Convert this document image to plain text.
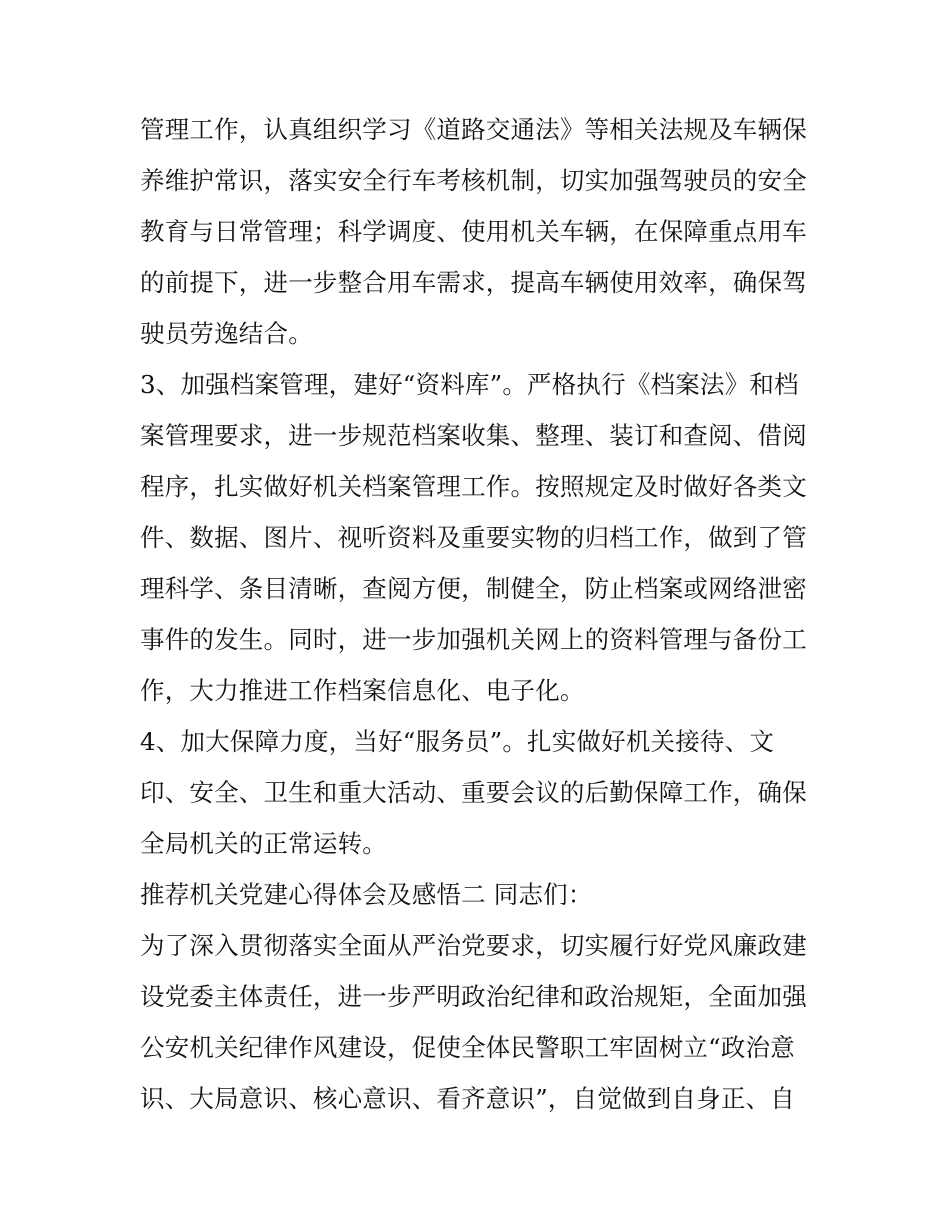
管理工作，认真组织学习《道路交通法》等相关法规及车辆保
养维护常识，落实安全行车考核机制，切实加强驾驶员的安全
教育与日常管理；科学调度、使用机关车辆，在保障重点用车
的前提下，进一步整合用车需求，提高车辆使用效率，确保驾
驶员劳逸结合。
3、加强档案管理，建好“资料库”。严格执行《档案法》和档
案管理要求，进一步规范档案收集、整理、装订和查阅、借阅
程序，扎实做好机关档案管理工作。按照规定及时做好各类文
件、数据、图片、视听资料及重要实物的归档工作，做到了管
理科学、条目清晰，查阅方便，制健全，防止档案或网络泄密
事件的发生。同时，进一步加强机关网上的资料管理与备份工
作，大力推进工作档案信息化、电子化。
4、加大保障力度，当好“服务员”。扎实做好机关接待、文
印、安全、卫生和重大活动、重要会议的后勤保障工作，确保
全局机关的正常运转。
推荐机关党建心得体会及感悟二 同志们：
为了深入贯彻落实全面从严治党要求，切实履行好党风廉政建
设党委主体责任，进一步严明政治纪律和政治规矩，全面加强
公安机关纪律作风建设，促使全体民警职工牢固树立“政治意
识、大局意识、核心意识、看齐意识”，自觉做到自身正、自
